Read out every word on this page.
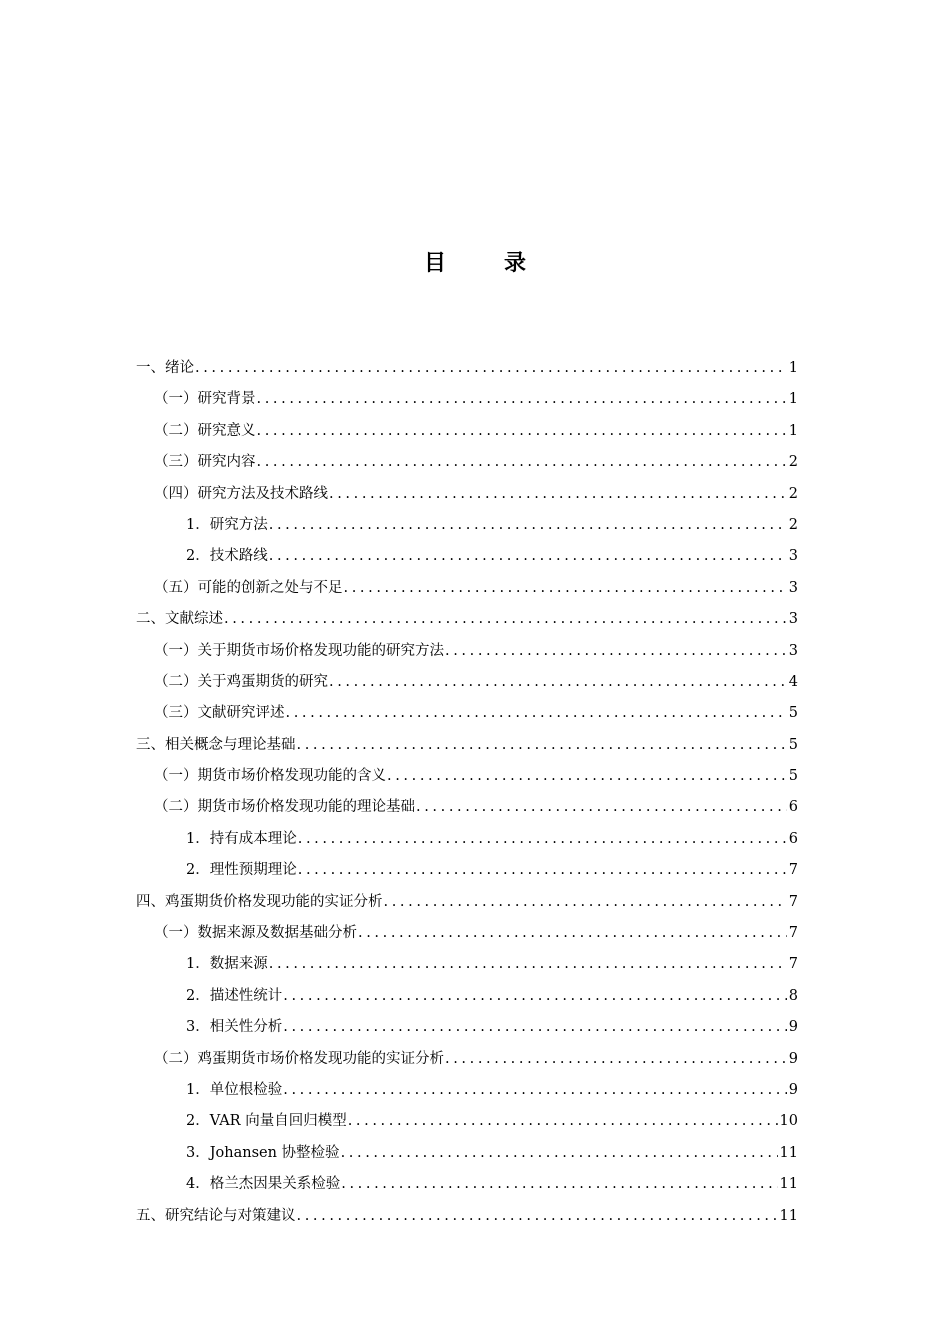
目　录
一、绪论 .....	1
（一）研究背景 .....	1
（二）研究意义 .....	1
（三）研究内容 .....	2
（四）研究方法及技术路线 .....	2
1．研究方法 .....	2
2．技术路线 .....	3
（五）可能的创新之处与不足 .....	3
二、文献综述 .....	3
（一）关于期货市场价格发现功能的研究方法 .....	3
（二）关于鸡蛋期货的研究 .....	4
（三）文献研究评述 .....	5
三、相关概念与理论基础 .....	5
（一）期货市场价格发现功能的含义 .....	5
（二）期货市场价格发现功能的理论基础 .....	6
1．持有成本理论 .....	6
2．理性预期理论 .....	7
四、鸡蛋期货价格发现功能的实证分析 .....	7
（一）数据来源及数据基础分析 .....	7
1．数据来源 .....	7
2．描述性统计 .....	8
3．相关性分析 .....	9
（二）鸡蛋期货市场价格发现功能的实证分析 .....	9
1．单位根检验 .....	9
2．VAR 向量自回归模型 .....	10
3．Johansen 协整检验 .....	11
4．格兰杰因果关系检验 .....	11
五、研究结论与对策建议 .....	11
